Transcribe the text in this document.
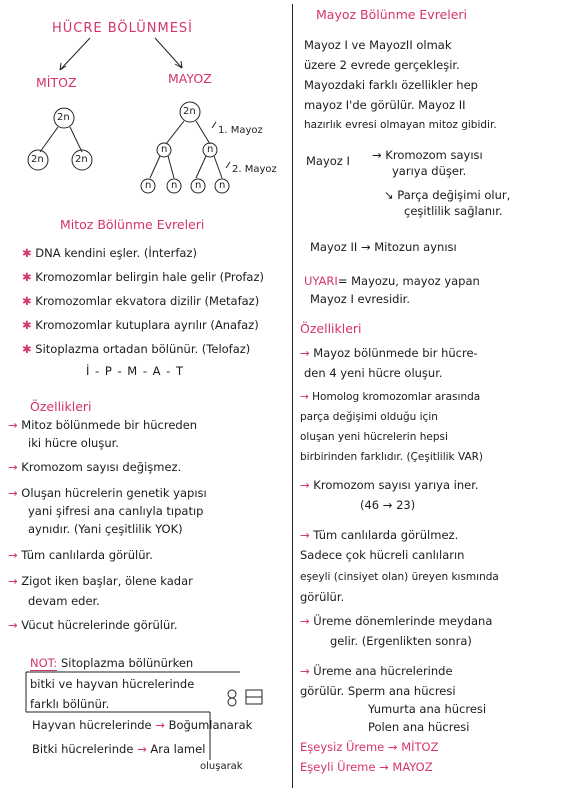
HÜCRE BÖLÜNMESİ
MİTOZ	MAYOZ
2n
2n	2n
2n
n	n
n n n n
1. Mayoz
2. Mayoz
Mitoz Bölünme Evreleri
✱ DNA kendini eşler. (İnterfaz)
✱ Kromozomlar belirgin hale gelir (Profaz)
✱ Kromozomlar ekvatora dizilir (Metafaz)
✱ Kromozomlar kutuplara ayrılır (Anafaz)
✱ Sitoplazma ortadan bölünür. (Telofaz)
İ - P - M - A - T
Özellikleri
→ Mitoz bölünmede bir hücreden
iki hücre oluşur.
→ Kromozom sayısı değişmez.
→ Oluşan hücrelerin genetik yapısı
yani şifresi ana canlıyla tıpatıp
aynıdır. (Yani çeşitlilik YOK)
→ Tüm canlılarda görülür.
→ Zigot iken başlar, ölene kadar
devam eder.
→ Vücut hücrelerinde görülür.
NOT: Sitoplazma bölünürken
bitki ve hayvan hücrelerinde
farklı bölünür.
Hayvan hücrelerinde → Boğumlanarak
Bitki hücrelerinde → Ara lamel
oluşarak
Mayoz Bölünme Evreleri
Mayoz I ve MayozII olmak
üzere 2 evrede gerçekleşir.
Mayozdaki farklı özellikler hep
mayoz I'de görülür. Mayoz II
hazırlık evresi olmayan mitoz gibidir.
Mayoz I → Kromozom sayısı
yarıya düşer.
↘ Parça değişimi olur,
çeşitlilik sağlanır.
Mayoz II → Mitozun aynısı
UYARI= Mayozu, mayoz yapan
Mayoz I evresidir.
Özellikleri
→ Mayoz bölünmede bir hücre-
den 4 yeni hücre oluşur.
→ Homolog kromozomlar arasında
parça değişimi olduğu için
oluşan yeni hücrelerin hepsi
birbirinden farklıdır. (Çeşitlilik VAR)
→ Kromozom sayısı yarıya iner.
(46 → 23)
→ Tüm canlılarda görülmez.
Sadece çok hücreli canlıların
eşeyli (cinsiyet olan) üreyen kısmında
görülür.
→ Üreme dönemlerinde meydana
gelir. (Ergenlikten sonra)
→ Üreme ana hücrelerinde
görülür. Sperm ana hücresi
Yumurta ana hücresi
Polen ana hücresi
Eşeysiz Üreme → MİTOZ
Eşeyli Üreme → MAYOZ
